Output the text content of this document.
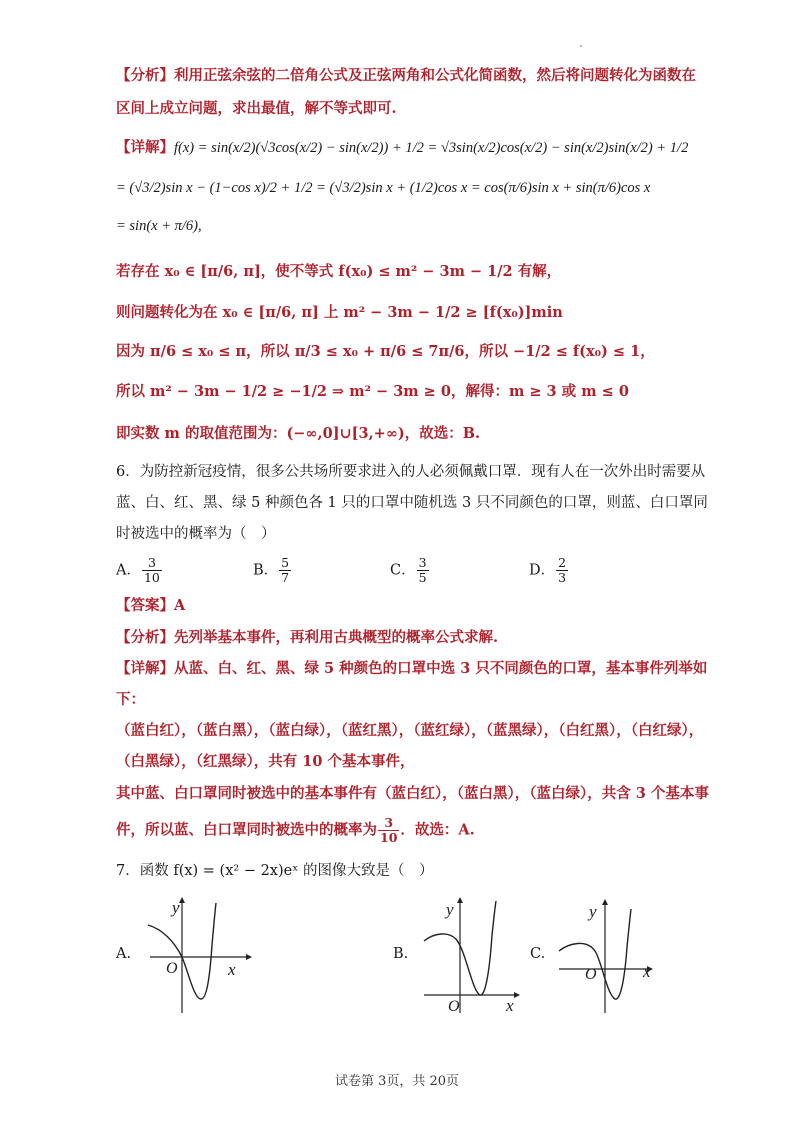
【分析】利用正弦余弦的二倍角公式及正弦两角和公式化简函数，然后将问题转化为函数在
区间上成立问题，求出最值，解不等式即可.
【详解】f(x) = sin(x/2)(√3cos(x/2) − sin(x/2)) + 1/2 = √3sin(x/2)cos(x/2) − sin(x/2)sin(x/2) + 1/2
= (√3/2)sin x − (1−cos x)/2 + 1/2 = (√3/2)sin x + (1/2)cos x = cos(π/6)sin x + sin(π/6)cos x
= sin(x + π/6),
若存在 x₀ ∈ [π/6, π]，使不等式 f(x₀) ≤ m² − 3m − 1/2 有解，
则问题转化为在 x₀ ∈ [π/6, π] 上 m² − 3m − 1/2 ≥ [f(x₀)]min
因为 π/6 ≤ x₀ ≤ π，所以 π/3 ≤ x₀ + π/6 ≤ 7π/6，所以 −1/2 ≤ f(x₀) ≤ 1，
所以 m² − 3m − 1/2 ≥ −1/2 ⇒ m² − 3m ≥ 0，解得：m ≥ 3 或 m ≤ 0
即实数 m 的取值范围为：(−∞,0]∪[3,+∞)，故选：B.
6．为防控新冠疫情，很多公共场所要求进入的人必须佩戴口罩．现有人在一次外出时需要从
蓝、白、红、黑、绿 5 种颜色各 1 只的口罩中随机选 3 只不同颜色的口罩，则蓝、白口罩同
时被选中的概率为（　）
A． $\frac{3}{10}$	B． $\frac{5}{7}$	C． $\frac{3}{5}$	D． $\frac{2}{3}$
【答案】A
【分析】先列举基本事件，再利用古典概型的概率公式求解.
【详解】从蓝、白、红、黑、绿 5 种颜色的口罩中选 3 只不同颜色的口罩，基本事件列举如
下：
（蓝白红），（蓝白黑），（蓝白绿），（蓝红黑），（蓝红绿），（蓝黑绿），（白红黑），（白红绿），
（白黑绿），（红黑绿），共有 10 个基本事件，
其中蓝、白口罩同时被选中的基本事件有（蓝白红），（蓝白黑），（蓝白绿），共含 3 个基本事
件，所以蓝、白口罩同时被选中的概率为 $\frac{3}{10}$ ．故选：A.
7．函数 f(x) = (x² − 2x)eˣ 的图像大致是（　）
A.
y
x
O
B.
y
x
O
C.
y
x
O
试卷第 3页，共 20页
